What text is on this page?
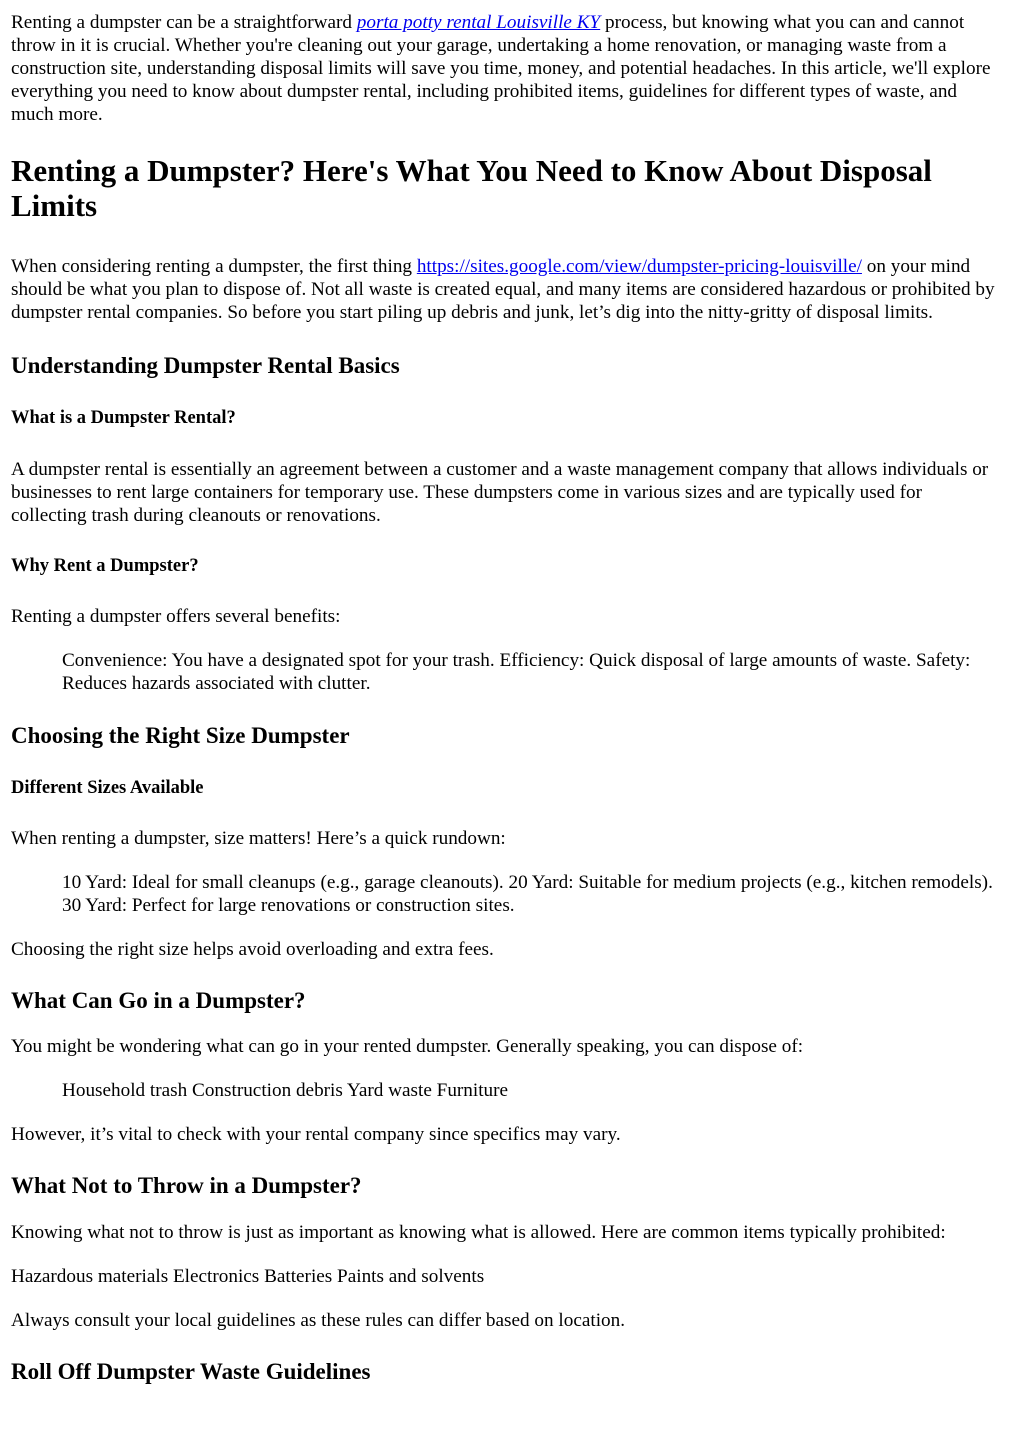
Renting a dumpster can be a straightforward porta potty rental Louisville KY process, but knowing what you can and cannot throw in it is crucial. Whether you're cleaning out your garage, undertaking a home renovation, or managing waste from a construction site, understanding disposal limits will save you time, money, and potential headaches. In this article, we'll explore everything you need to know about dumpster rental, including prohibited items, guidelines for different types of waste, and much more.

Renting a Dumpster? Here's What You Need to Know About Disposal Limits

When considering renting a dumpster, the first thing https://sites.google.com/view/dumpster-pricing-louisville/ on your mind should be what you plan to dispose of. Not all waste is created equal, and many items are considered hazardous or prohibited by dumpster rental companies. So before you start piling up debris and junk, let’s dig into the nitty-gritty of disposal limits.

Understanding Dumpster Rental Basics
What is a Dumpster Rental?

A dumpster rental is essentially an agreement between a customer and a waste management company that allows individuals or businesses to rent large containers for temporary use. These dumpsters come in various sizes and are typically used for collecting trash during cleanouts or renovations.

Why Rent a Dumpster?

Renting a dumpster offers several benefits:

Convenience: You have a designated spot for your trash. Efficiency: Quick disposal of large amounts of waste. Safety: Reduces hazards associated with clutter.
Choosing the Right Size Dumpster
Different Sizes Available

When renting a dumpster, size matters! Here’s a quick rundown:

10 Yard: Ideal for small cleanups (e.g., garage cleanouts). 20 Yard: Suitable for medium projects (e.g., kitchen remodels). 30 Yard: Perfect for large renovations or construction sites.

Choosing the right size helps avoid overloading and extra fees.

What Can Go in a Dumpster?

You might be wondering what can go in your rented dumpster. Generally speaking, you can dispose of:

Household trash Construction debris Yard waste Furniture

However, it’s vital to check with your rental company since specifics may vary.

What Not to Throw in a Dumpster?

Knowing what not to throw is just as important as knowing what is allowed. Here are common items typically prohibited:

Hazardous materials Electronics Batteries Paints and solvents

Always consult your local guidelines as these rules can differ based on location.

Roll Off Dumpster Waste Guidelines
